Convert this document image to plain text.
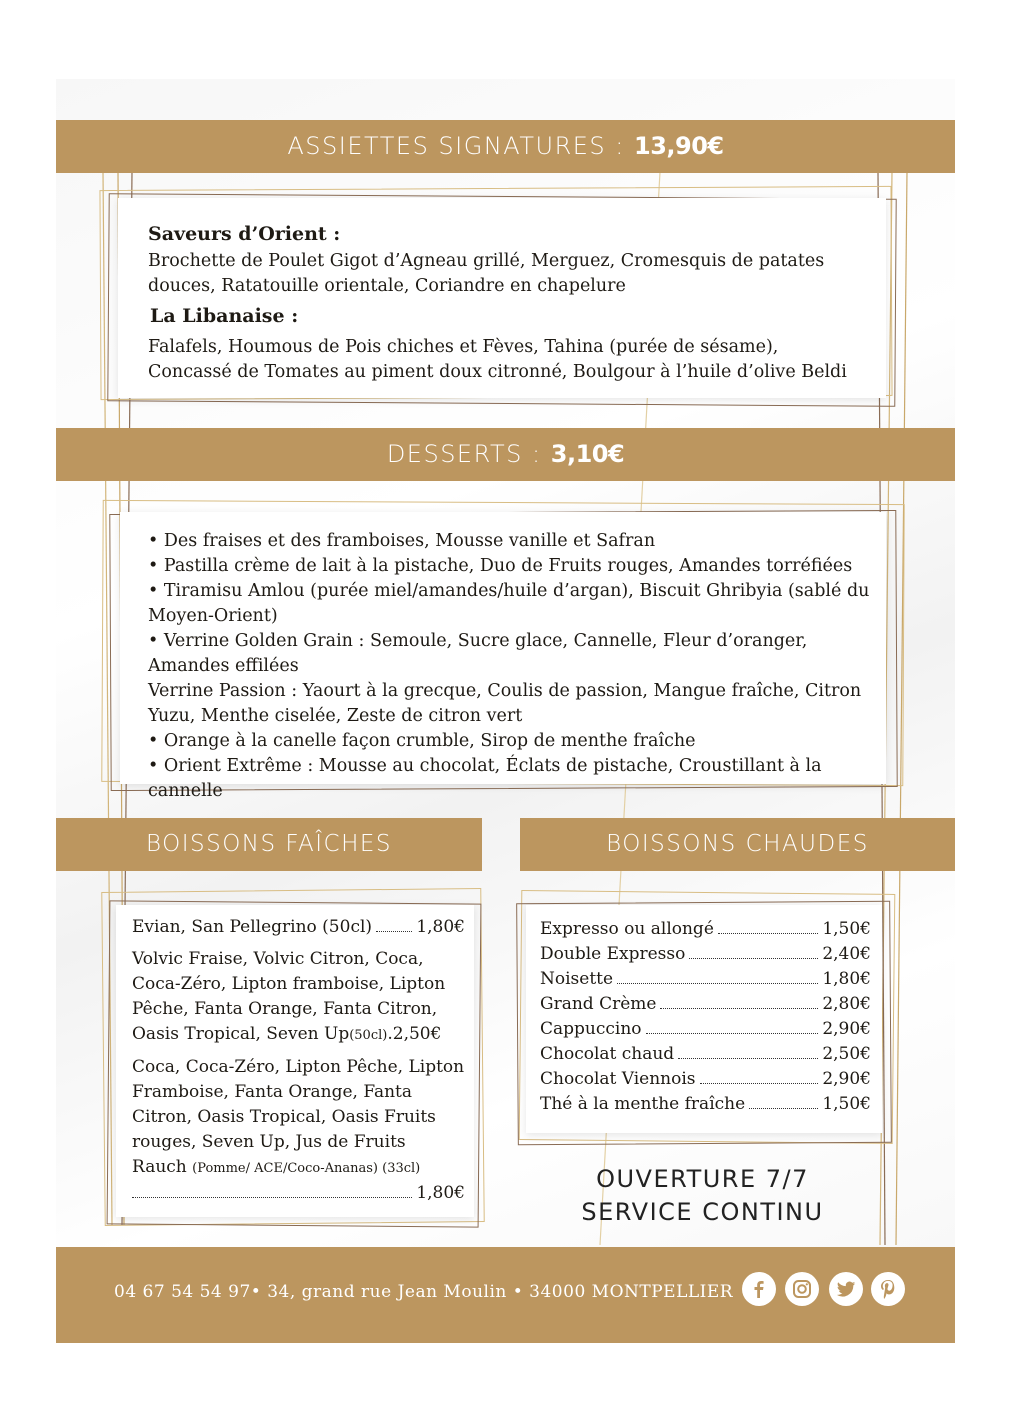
ASSIETTES SIGNATURES : 13,90€
Saveurs d’Orient :
Brochette de Poulet Gigot d’Agneau grillé, Merguez, Cromesquis de patates
douces, Ratatouille orientale, Coriandre en chapelure
La Libanaise :
Falafels, Houmous de Pois chiches et Fèves, Tahina (purée de sésame),
Concassé de Tomates au piment doux citronné, Boulgour à l’huile d’olive Beldi
DESSERTS : 3,10€
• Des fraises et des framboises, Mousse vanille et Safran
• Pastilla crème de lait à la pistache, Duo de Fruits rouges, Amandes torréfiées
• Tiramisu Amlou (purée miel/amandes/huile d’argan), Biscuit Ghribyia (sablé du
Moyen-Orient)
• Verrine Golden Grain : Semoule, Sucre glace, Cannelle, Fleur d’oranger,
Amandes effilées
Verrine Passion : Yaourt à la grecque, Coulis de passion, Mangue fraîche, Citron
Yuzu, Menthe ciselée, Zeste de citron vert
• Orange à la canelle façon crumble, Sirop de menthe fraîche
• Orient Extrême : Mousse au chocolat, Éclats de pistache, Croustillant à la cannelle
BOISSONS FAÎCHES
Evian, San Pellegrino (50cl)	1,80€
Volvic Fraise, Volvic Citron, Coca,
Coca-Zéro, Lipton framboise, Lipton
Pêche, Fanta Orange, Fanta Citron,
Oasis Tropical, Seven Up (50cl) . 2,50€
Coca, Coca-Zéro, Lipton Pêche, Lipton
Framboise, Fanta Orange, Fanta
Citron, Oasis Tropical, Oasis Fruits
rouges, Seven Up, Jus de Fruits
Rauch (Pomme/ ACE/Coco-Ananas) (33cl)
1,80€
BOISSONS CHAUDES
Expresso ou allongé	1,50€
Double Expresso	2,40€
Noisette	1,80€
Grand Crème	2,80€
Cappuccino	2,90€
Chocolat chaud	2,50€
Chocolat Viennois	2,90€
Thé à la menthe fraîche	1,50€
OUVERTURE 7/7
SERVICE CONTINU
04 67 54 54 97• 34, grand rue Jean Moulin • 34000 MONTPELLIER
